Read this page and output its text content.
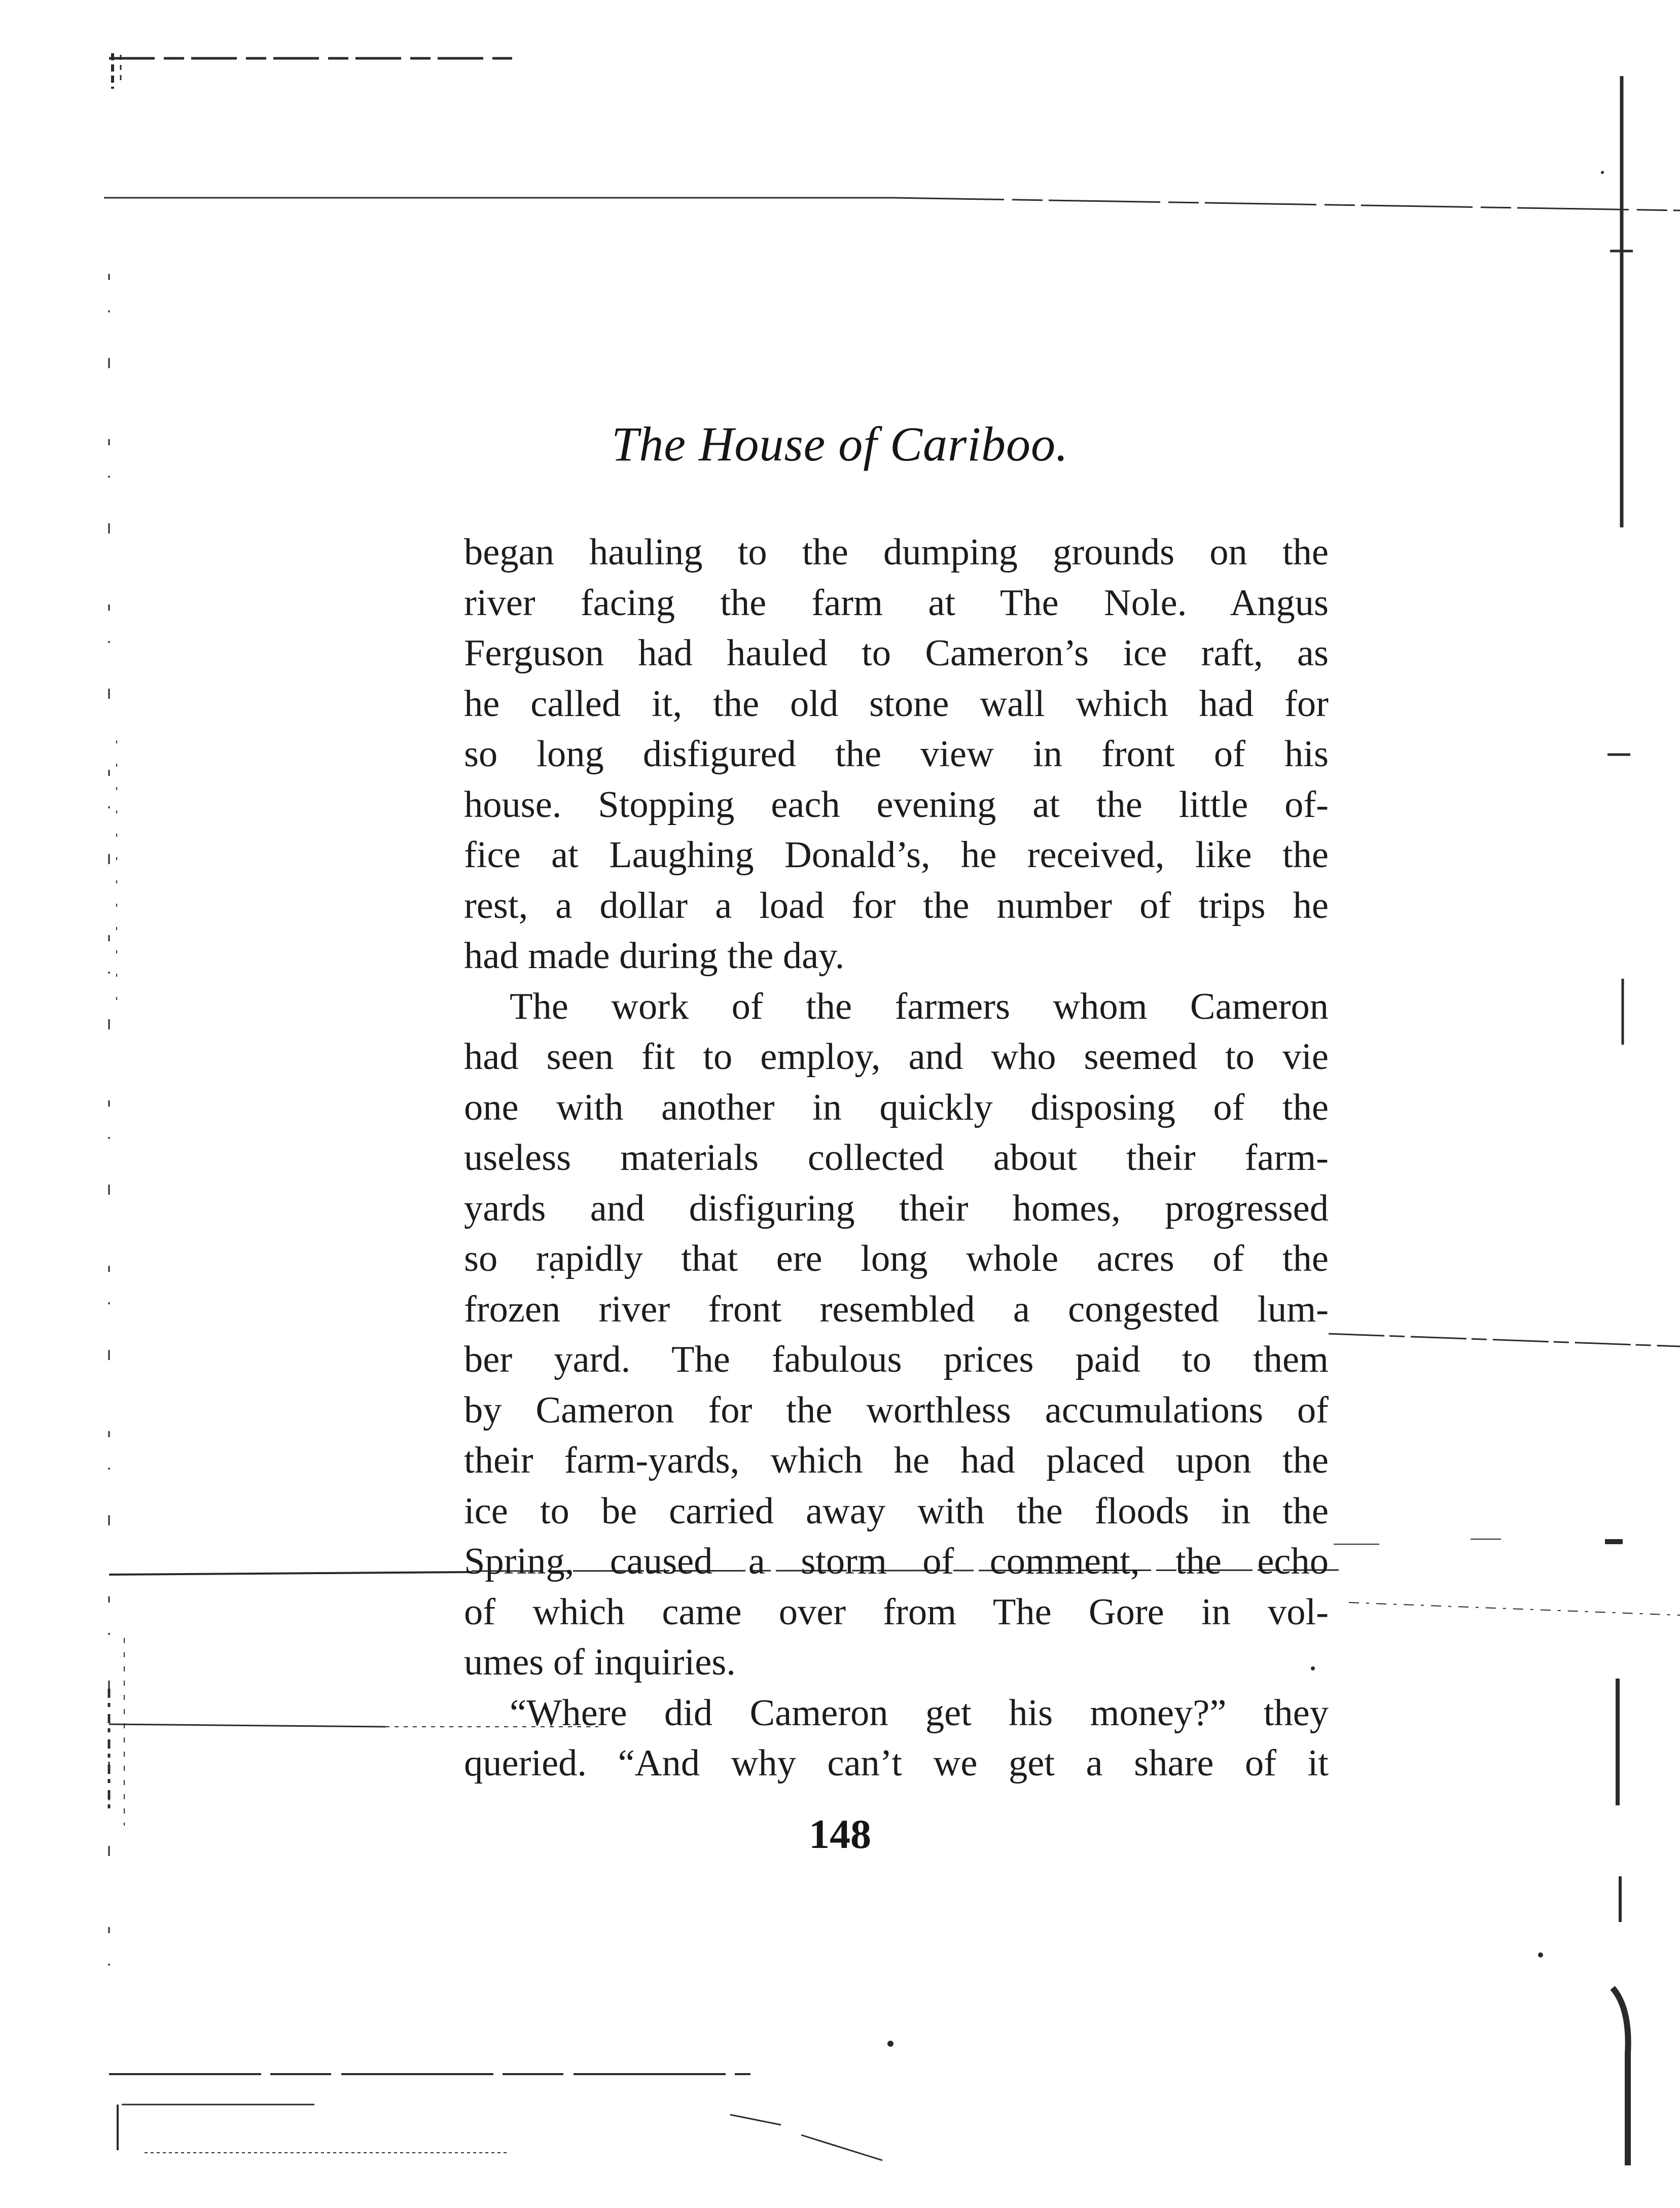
The House of Cariboo.
began hauling to the dumping grounds on the
river facing the farm at The Nole. Angus
Ferguson had hauled to Cameron’s ice raft, as
he called it, the old stone wall which had for
so long disfigured the view in front of his
house. Stopping each evening at the little of-
fice at Laughing Donald’s, he received, like the
rest, a dollar a load for the number of trips he
had made during the day.
The work of the farmers whom Cameron
had seen fit to employ, and who seemed to vie
one with another in quickly disposing of the
useless materials collected about their farm-
yards and disfiguring their homes, progressed
so rapidly that ere long whole acres of the
frozen river front resembled a congested lum-
ber yard. The fabulous prices paid to them
by Cameron for the worthless accumulations of
their farm-yards, which he had placed upon the
ice to be carried away with the floods in the
Spring, caused a storm of comment, the echo
of which came over from The Gore in vol-
umes of inquiries.
“Where did Cameron get his money?” they
queried. “And why can’t we get a share of it
148
